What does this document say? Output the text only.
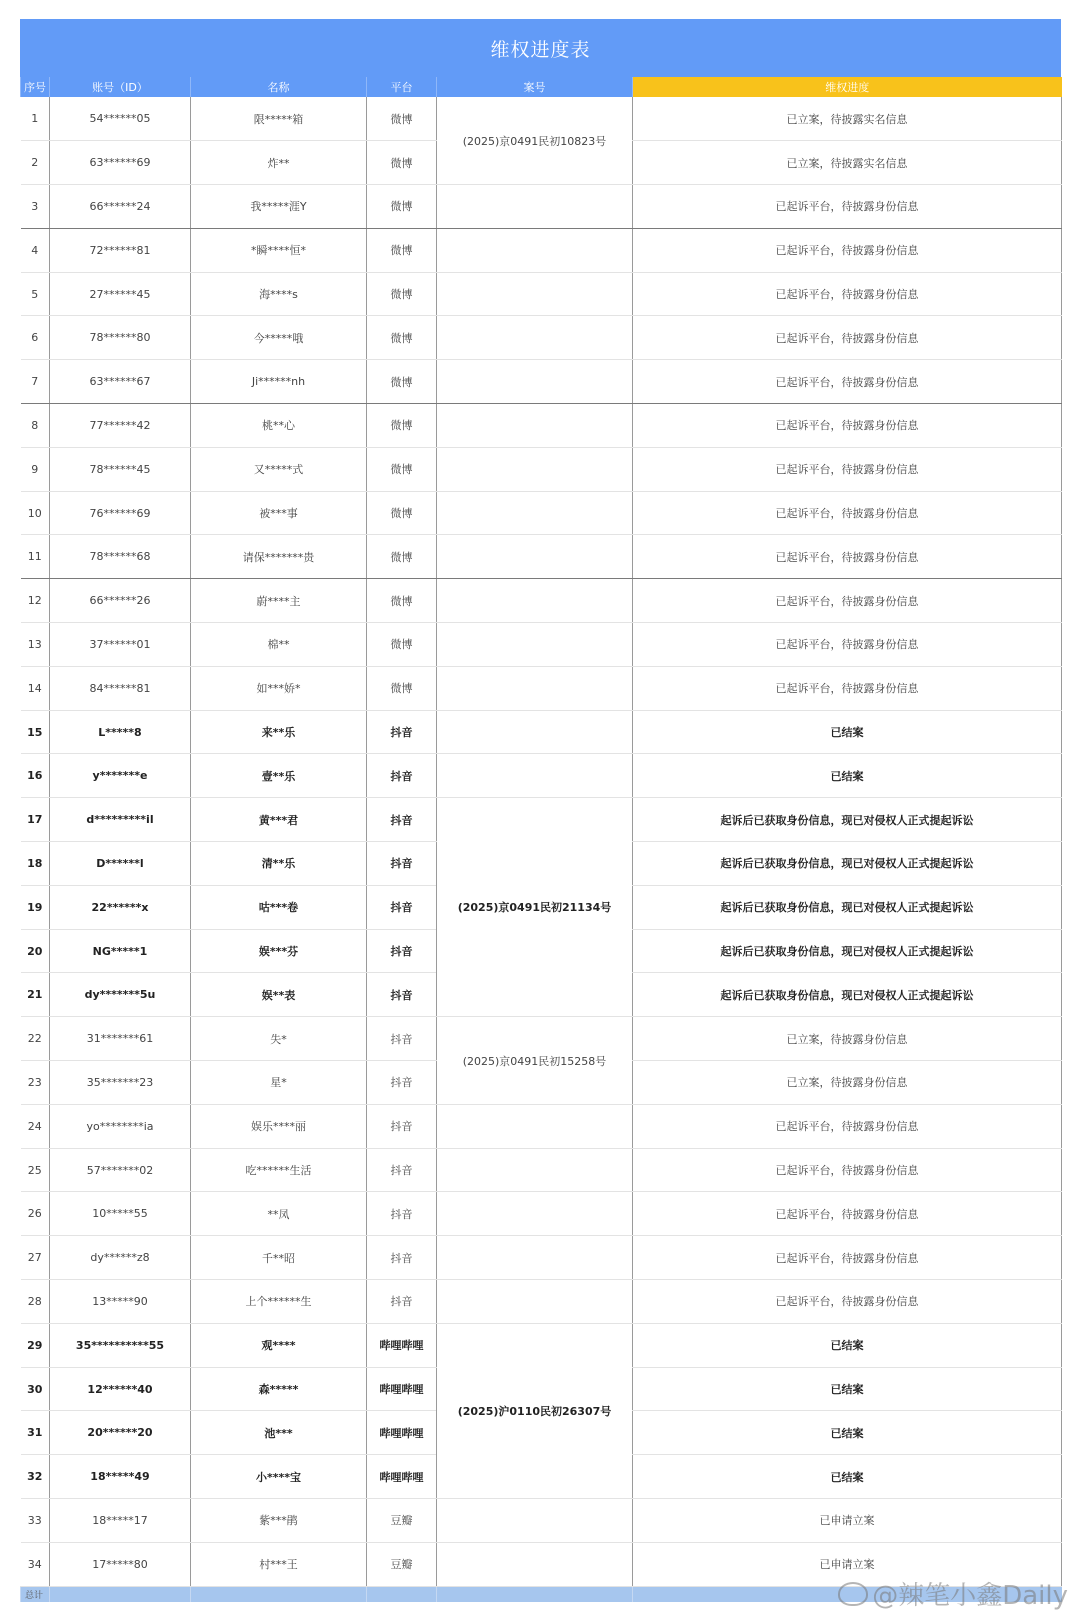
维权进度表
序号	账号（ID）	名称	平台	案号	维权进度
1	54******05	限*****箱	微博	(2025)京0491民初10823号	已立案，待披露实名信息
2	63******69	炸**	微博		已立案，待披露实名信息
3	66******24	我*****涯Y	微博		已起诉平台，待披露身份信息
4	72******81	*瞬****恒*	微博		已起诉平台，待披露身份信息
5	27******45	海****s	微博		已起诉平台，待披露身份信息
6	78******80	今*****哦	微博		已起诉平台，待披露身份信息
7	63******67	Ji******nh	微博		已起诉平台，待披露身份信息
8	77******42	桃**心	微博		已起诉平台，待披露身份信息
9	78******45	又*****式	微博		已起诉平台，待披露身份信息
10	76******69	被***事	微博		已起诉平台，待披露身份信息
11	78******68	请保*******贵	微博		已起诉平台，待披露身份信息
12	66******26	蔚****主	微博		已起诉平台，待披露身份信息
13	37******01	棉**	微博		已起诉平台，待披露身份信息
14	84******81	如***娇*	微博		已起诉平台，待披露身份信息
15	L*****8	来**乐	抖音		已结案
16	y*******e	壹**乐	抖音		已结案
17	d*********il	黄***君	抖音	(2025)京0491民初21134号	起诉后已获取身份信息，现已对侵权人正式提起诉讼
18	D******l	清**乐	抖音		起诉后已获取身份信息，现已对侵权人正式提起诉讼
19	22******x	咕***卷	抖音		起诉后已获取身份信息，现已对侵权人正式提起诉讼
20	NG*****1	娱***芬	抖音		起诉后已获取身份信息，现已对侵权人正式提起诉讼
21	dy*******5u	娱**表	抖音		起诉后已获取身份信息，现已对侵权人正式提起诉讼
22	31*******61	失*	抖音	(2025)京0491民初15258号	已立案，待披露身份信息
23	35*******23	星*	抖音		已立案，待披露身份信息
24	yo********ia	娱乐****丽	抖音		已起诉平台，待披露身份信息
25	57*******02	吃******生活	抖音		已起诉平台，待披露身份信息
26	10*****55	**凤	抖音		已起诉平台，待披露身份信息
27	dy******z8	千**昭	抖音		已起诉平台，待披露身份信息
28	13*****90	上个******生	抖音		已起诉平台，待披露身份信息
29	35**********55	观****	哔哩哔哩	(2025)沪0110民初26307号	已结案
30	12******40	森*****	哔哩哔哩		已结案
31	20******20	池***	哔哩哔哩		已结案
32	18*****49	小****宝	哔哩哔哩		已结案
33	18*****17	紫***鹃	豆瓣		已申请立案
34	17*****80	村***王	豆瓣		已申请立案
总计						@辣笔小鑫Daily
